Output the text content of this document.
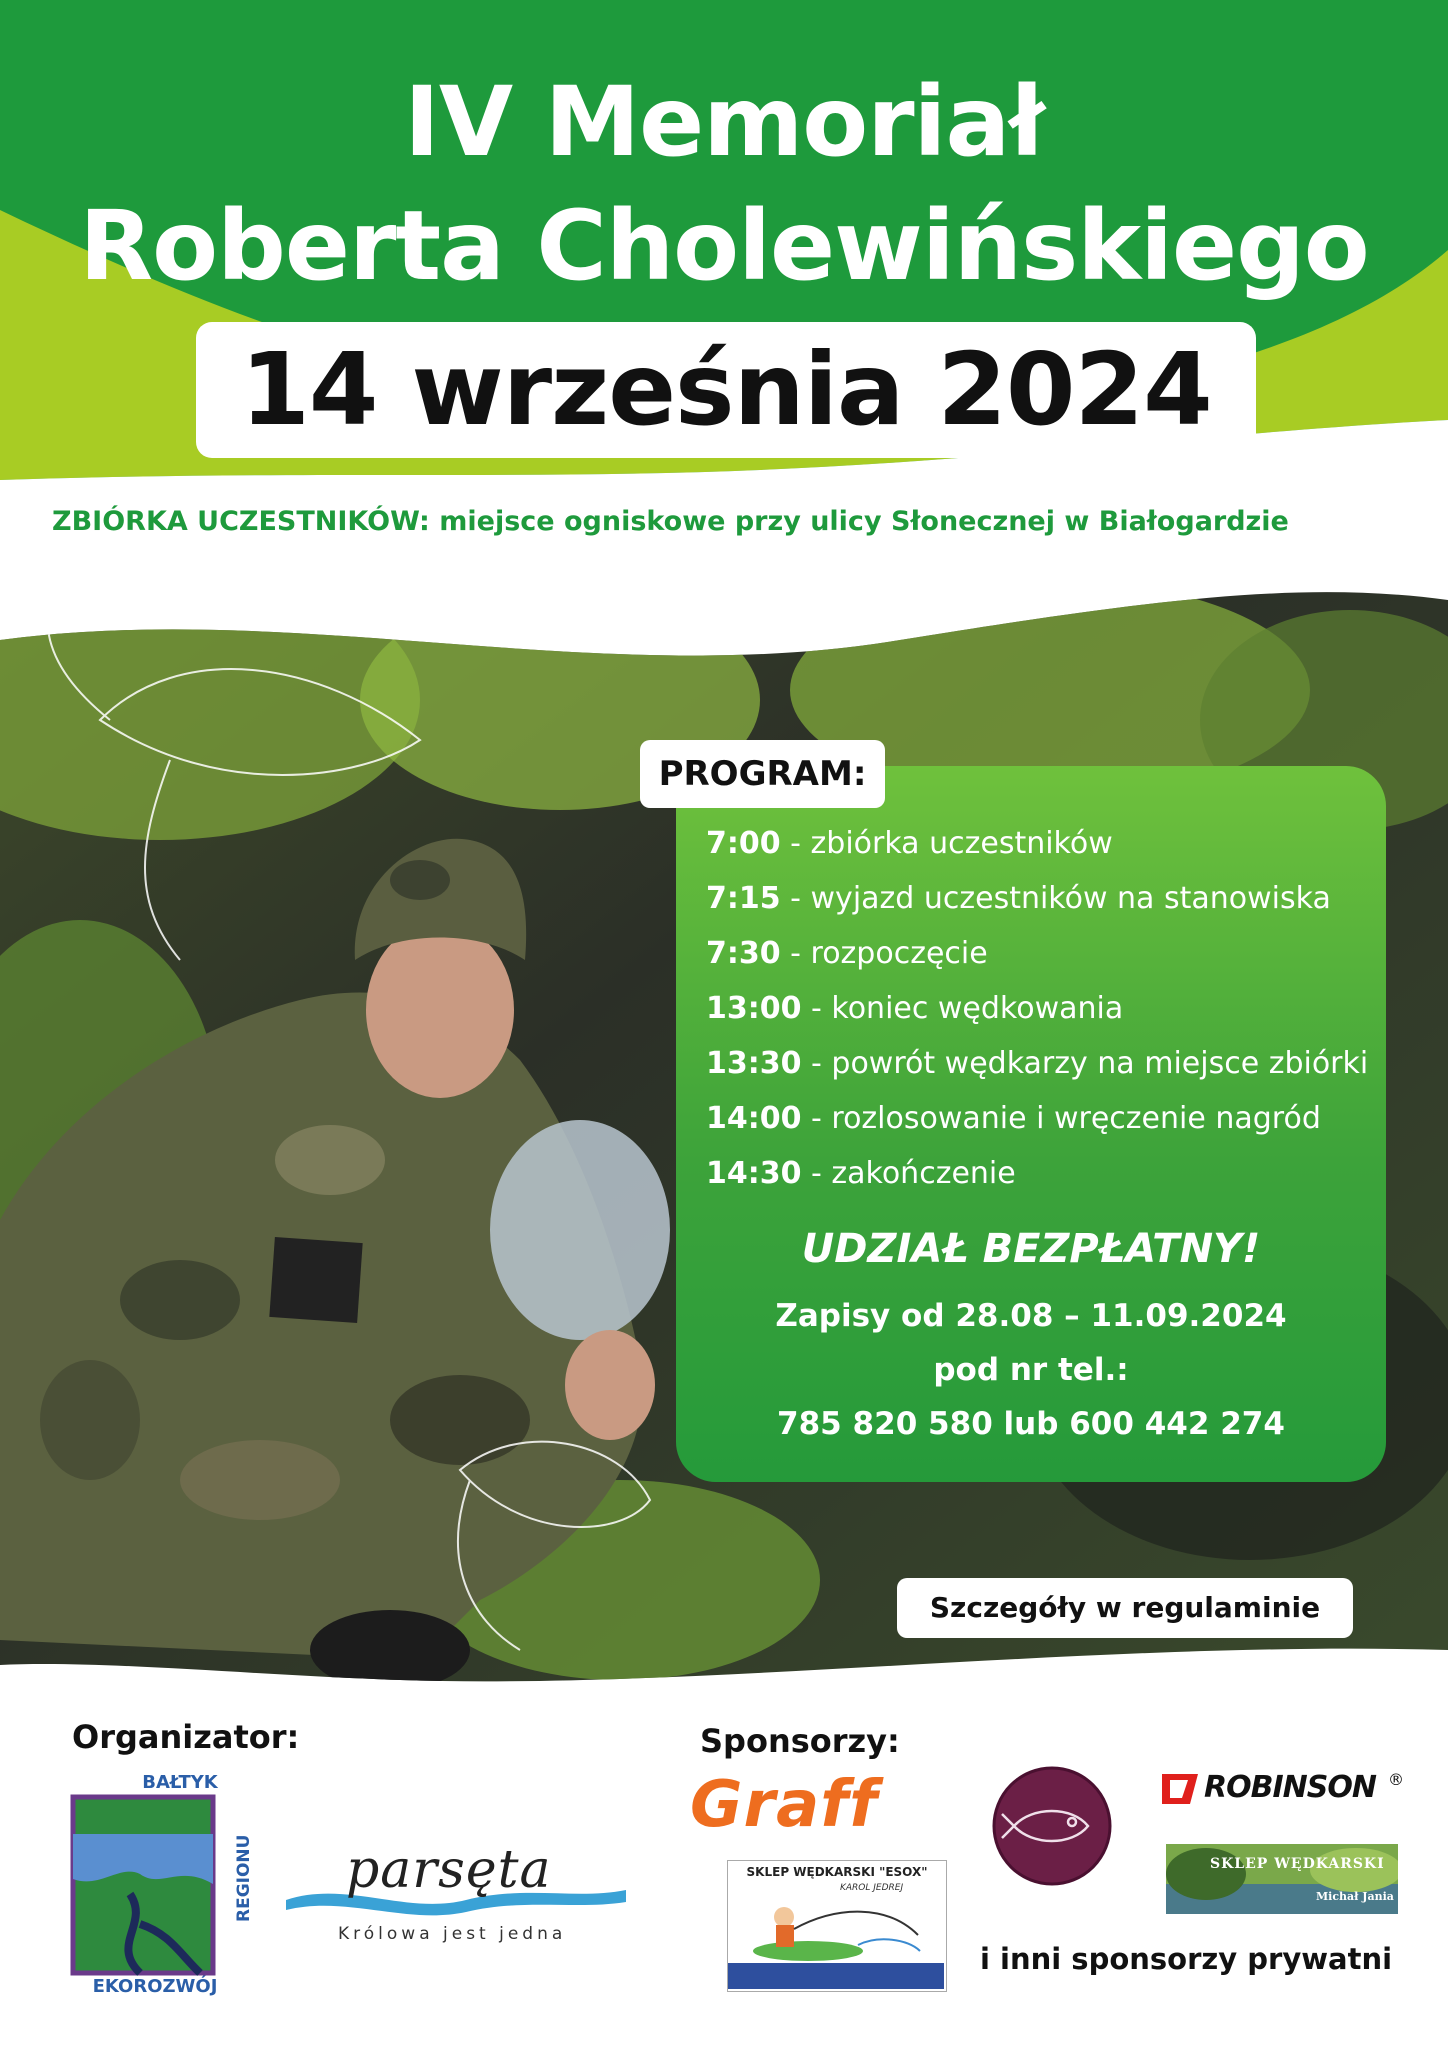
IV Memoriał
Roberta Cholewińskiego
14 września 2024
ZBIÓRKA UCZESTNIKÓW: miejsce ogniskowe przy ulicy Słonecznej w Białogardzie
7:00 - zbiórka uczestników
7:15 - wyjazd uczestników na stanowiska
7:30 - rozpoczęcie
13:00 - koniec wędkowania
13:30 - powrót wędkarzy na miejsce zbiórki
14:00 - rozlosowanie i wręczenie nagród
14:30 - zakończenie
UDZIAŁ BEZPŁATNY!
Zapisy od 28.08 – 11.09.2024
pod nr tel.:
785 820 580 lub 600 442 274
PROGRAM:
Szczegóły w regulaminie
Organizator:
BAŁTYK
REGIONU
EKOROZWÓJ
parsęta
Królowa jest jedna
Sponsorzy:
Graff	ROBINSON ®
SKLEP WĘDKARSKI "ESOX"
KAROL JEDREJ
SKLEP WĘDKARSKI
Michał Jania
i inni sponsorzy prywatni
